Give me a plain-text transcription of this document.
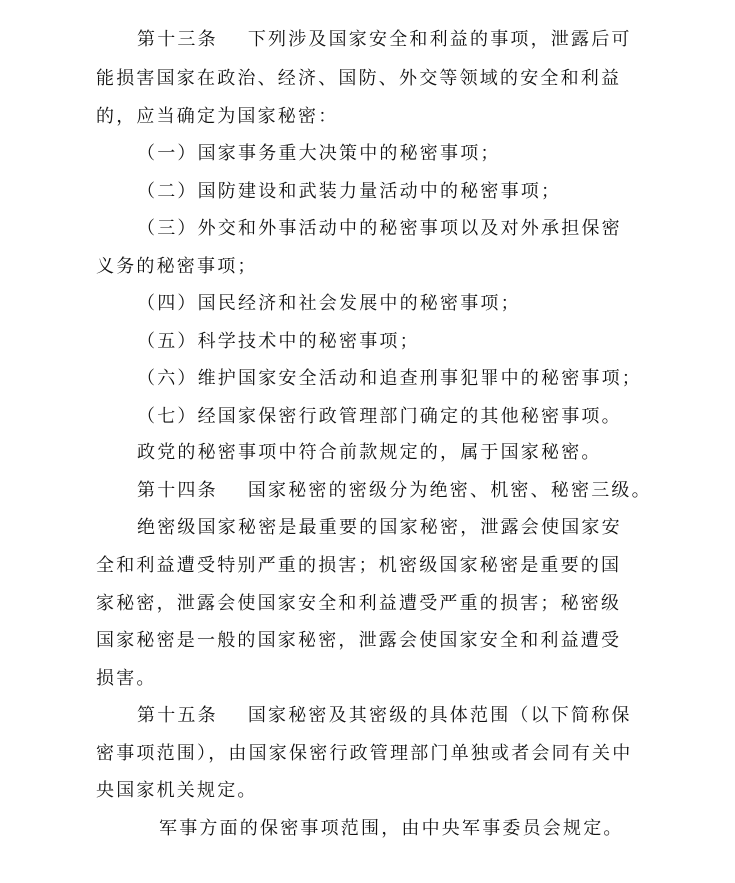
第十三条 下列涉及国家安全和利益的事项，泄露后可

能损害国家在政治、经济、国防、外交等领域的安全和利益

的，应当确定为国家秘密：

（一）国家事务重大决策中的秘密事项；

（二）国防建设和武装力量活动中的秘密事项；

（三）外交和外事活动中的秘密事项以及对外承担保密

义务的秘密事项；

（四）国民经济和社会发展中的秘密事项；

（五）科学技术中的秘密事项；

（六）维护国家安全活动和追查刑事犯罪中的秘密事项；

（七）经国家保密行政管理部门确定的其他秘密事项。

政党的秘密事项中符合前款规定的，属于国家秘密。

第十四条 国家秘密的密级分为绝密、机密、秘密三级。

绝密级国家秘密是最重要的国家秘密，泄露会使国家安

全和利益遭受特别严重的损害；机密级国家秘密是重要的国

家秘密，泄露会使国家安全和利益遭受严重的损害；秘密级

国家秘密是一般的国家秘密，泄露会使国家安全和利益遭受

损害。

第十五条 国家秘密及其密级的具体范围（以下简称保

密事项范围），由国家保密行政管理部门单独或者会同有关中

央国家机关规定。

军事方面的保密事项范围，由中央军事委员会规定。
